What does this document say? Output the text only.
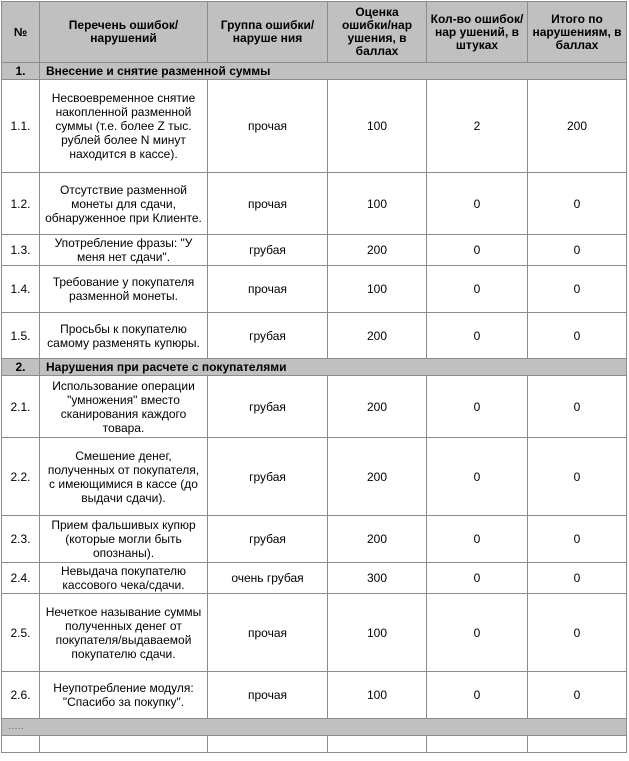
№	Перечень ошибок/нарушений	Группа ошибки/наруше ния	Оценка ошибки/нар ушения, в баллах	Кол-во ошибок/нар ушений, в штуках	Итого по нарушениям, в баллах
1.	Внесение и снятие разменной суммы				
1.1.	Несвоевременное снятие накопленной разменной суммы (т.е. более Z тыс. рублей более N минут находится в кассе).	прочая	100	2	200
1.2.	Отсутствие разменной монеты для сдачи, обнаруженное при Клиенте.	прочая	100	0	0
1.3.	Употребление фразы: "У меня нет сдачи".	грубая	200	0	0
1.4.	Требование у покупателя разменной монеты.	прочая	100	0	0
1.5.	Просьбы к покупателю самому разменять купюры.	грубая	200	0	0
2.	Нарушения при расчете с покупателями				
2.1.	Использование операции "умножения" вместо сканирования каждого товара.	грубая	200	0	0
2.2.	Смешение денег, полученных от покупателя, с имеющимися в кассе (до выдачи сдачи).	грубая	200	0	0
2.3.	Прием фальшивых купюр (которые могли быть опознаны).	грубая	200	0	0
2.4.	Невыдача покупателю кассового чека/сдачи.	очень грубая	300	0	0
2.5.	Нечеткое называние суммы полученных денег от покупателя/выдаваемой покупателю сдачи.	прочая	100	0	0
2.6.	Неупотребление модуля: "Спасибо за покупку".	прочая	100	0	0
…..					
